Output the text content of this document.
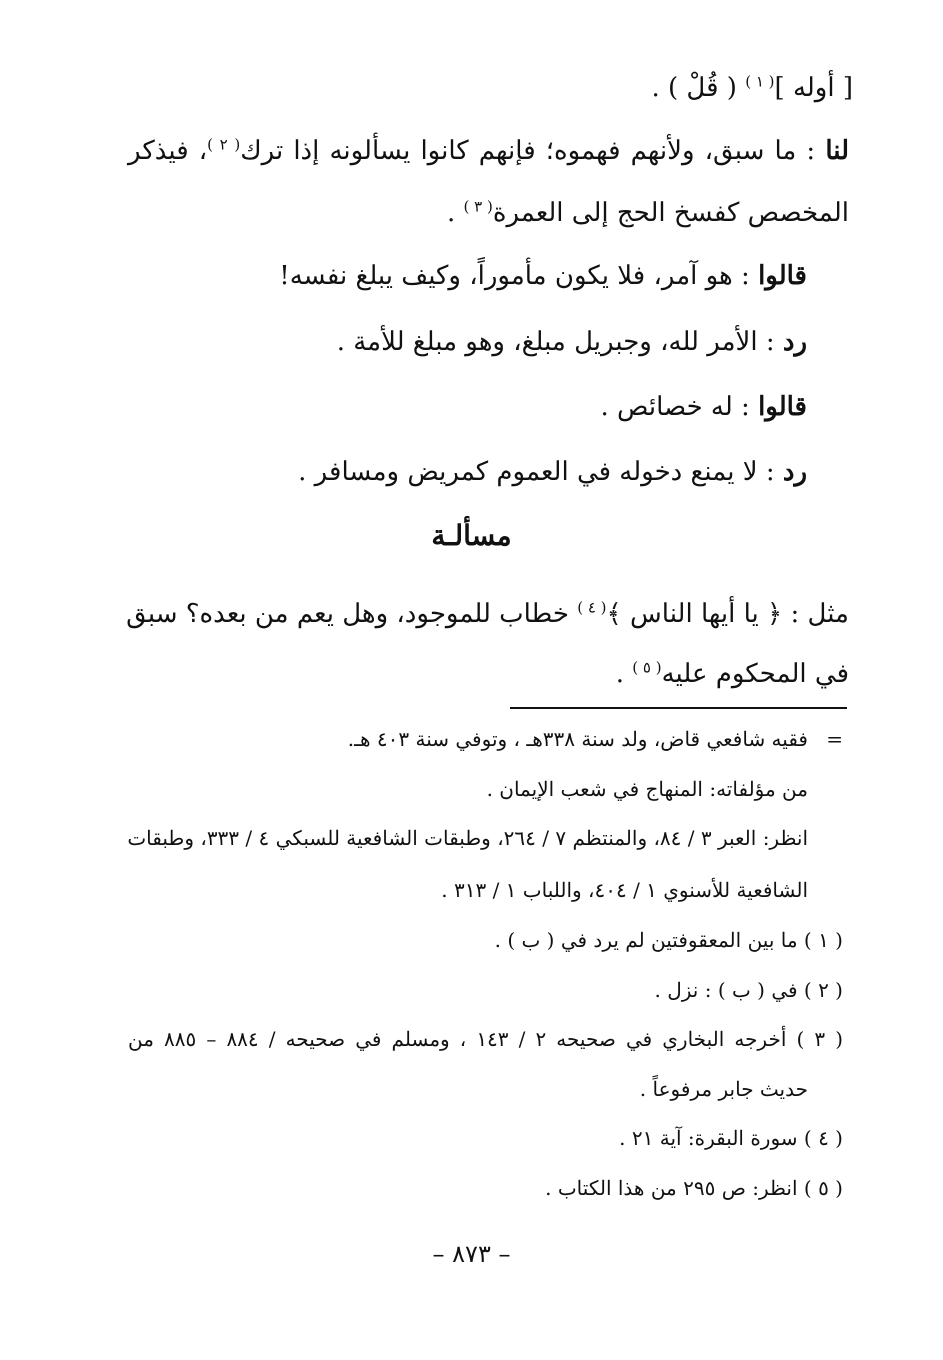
[ أوله ]$^{( ١ )}$ ( قُلْ ) .
لنا : ما سبق، ولأنهم فهموه؛ فإنهم كانوا يسألونه إذا ترك$^{( ٢ )}$، فيذكر
المخصص كفسخ الحج إلى العمرة$^{( ٣ )}$ .
قالوا : هو آمر، فلا يكون مأموراً، وكيف يبلغ نفسه!
رد : الأمر لله، وجبريل مبلغ، وهو مبلغ للأمة .
قالوا : له خصائص .
رد : لا يمنع دخوله في العموم كمريض ومسافر .
مسألـة
مثل : ﴿ يا أيها الناس ﴾$^{( ٤ )}$ خطاب للموجود، وهل يعم من بعده؟ سبق
في المحكوم عليه$^{( ٥ )}$ .
=
فقيه شافعي قاض، ولد سنة ٣٣٨هـ ، وتوفي سنة ٤٠٣ هـ.
من مؤلفاته: المنهاج في شعب الإيمان .
انظر: العبر ٣ / ٨٤، والمنتظم ٧ / ٢٦٤، وطبقات الشافعية للسبكي ٤ / ٣٣٣، وطبقات
الشافعية للأسنوي ١ / ٤٠٤، واللباب ١ / ٣١٣ .
( ١ ) ما بين المعقوفتين لم يرد في ( ب ) .
( ٢ ) في ( ب ) : نزل .
( ٣ ) أخرجه البخاري في صحيحه ٢ / ١٤٣ ، ومسلم في صحيحه / ٨٨٤ – ٨٨٥ من
حديث جابر مرفوعاً .
( ٤ ) سورة البقرة: آية ٢١ .
( ٥ ) انظر: ص ٢٩٥ من هذا الكتاب .
– ٨٧٣ –
